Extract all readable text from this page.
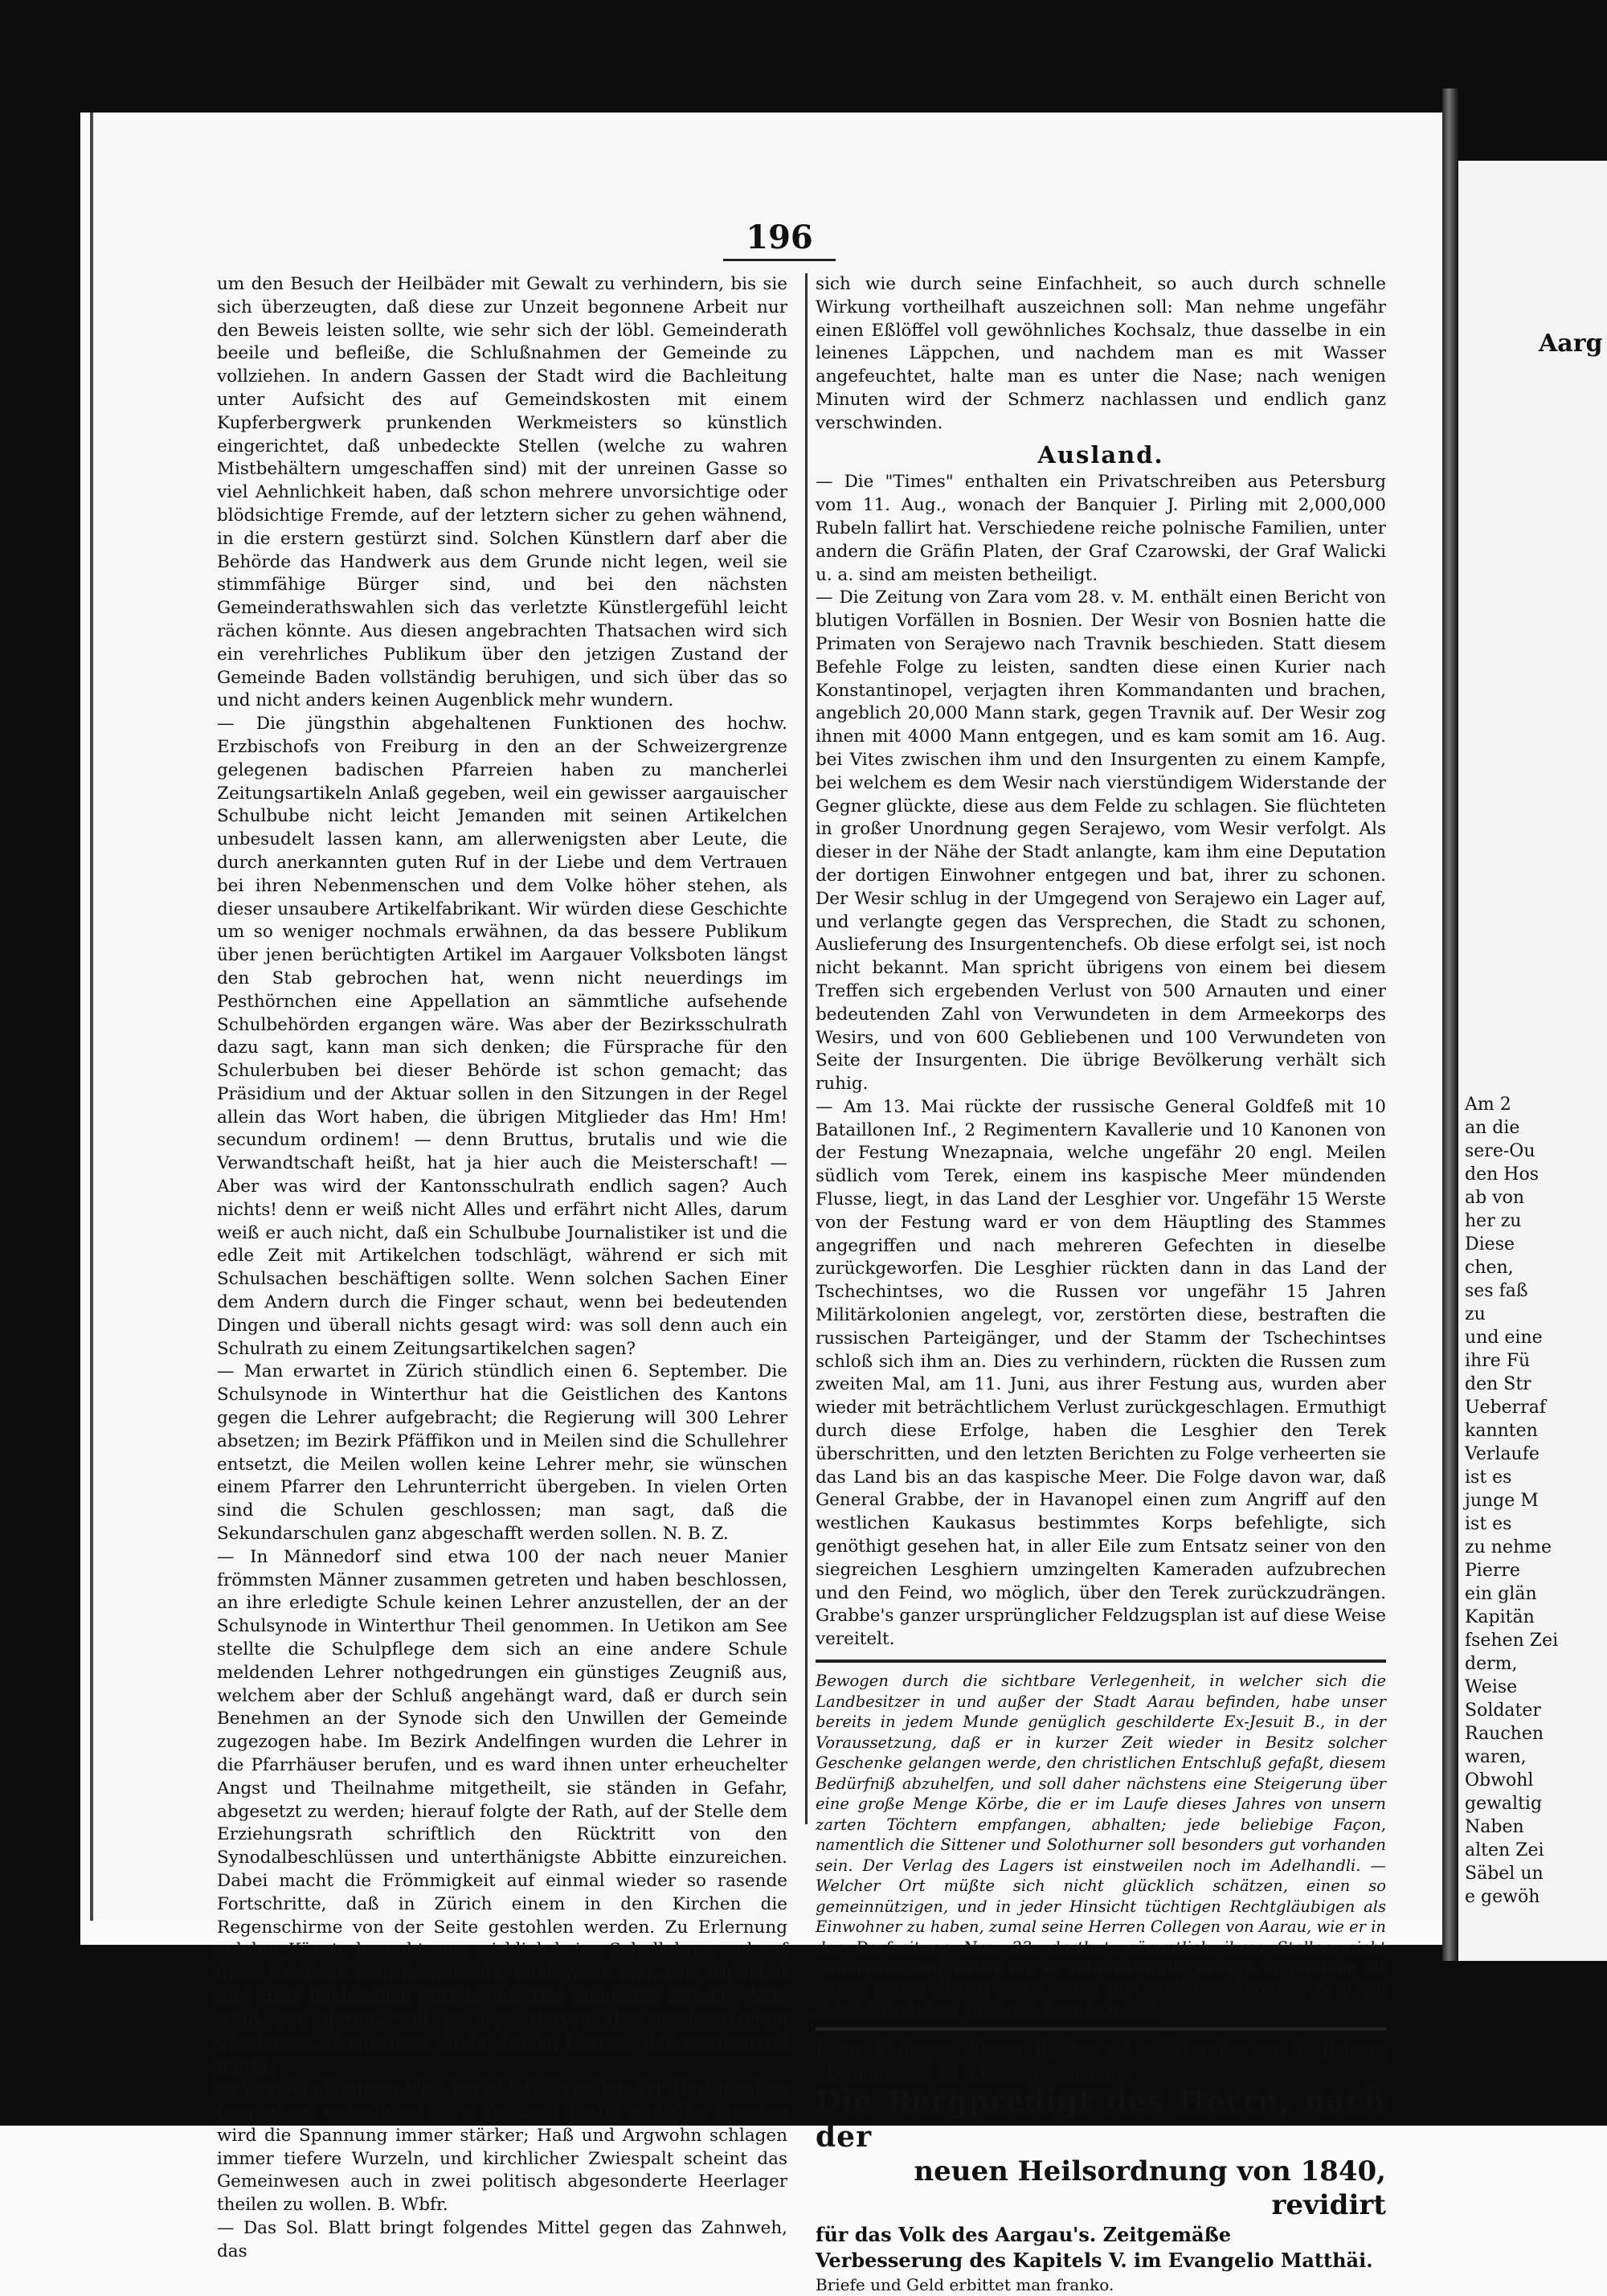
Aarg
Am 2
an die
sere-Ou
den Hos
ab von
her zu
Diese
chen,
ses faß
zu
und eine
ihre Fü
den Str
Ueberraf
kannten
Verlaufe
ist es
junge M
ist es
zu nehme
Pierre
ein glän
Kapitän
fsehen Zei
derm,
Weise
Soldater
Rauchen
waren,
Obwohl
gewaltig
Naben
alten Zei
Säbel un
e gewöh
196

um den Besuch der Heilbäder mit Gewalt zu verhindern, bis sie sich überzeugten, daß diese zur Unzeit begonnene Arbeit nur den Beweis leisten sollte, wie sehr sich der löbl. Gemeinderath beeile und befleiße, die Schlußnahmen der Gemeinde zu vollziehen. In andern Gassen der Stadt wird die Bachleitung unter Aufsicht des auf Gemeindskosten mit einem Kupferbergwerk prunkenden Werkmeisters so künstlich eingerichtet, daß unbedeckte Stellen (welche zu wahren Mistbehältern umgeschaffen sind) mit der unreinen Gasse so viel Aehnlichkeit haben, daß schon mehrere unvorsichtige oder blödsichtige Fremde, auf der letztern sicher zu gehen wähnend, in die erstern gestürzt sind. Solchen Künstlern darf aber die Behörde das Handwerk aus dem Grunde nicht legen, weil sie stimmfähige Bürger sind, und bei den nächsten Gemeinderathswahlen sich das verletzte Künstlergefühl leicht rächen könnte. Aus diesen angebrachten Thatsachen wird sich ein verehrliches Publikum über den jetzigen Zustand der Gemeinde Baden vollständig beruhigen, und sich über das so und nicht anders keinen Augenblick mehr wundern.

— Die jüngsthin abgehaltenen Funktionen des hochw. Erzbischofs von Freiburg in den an der Schweizergrenze gelegenen badischen Pfarreien haben zu mancherlei Zeitungsartikeln Anlaß gegeben, weil ein gewisser aargauischer Schulbube nicht leicht Jemanden mit seinen Artikelchen unbesudelt lassen kann, am allerwenigsten aber Leute, die durch anerkannten guten Ruf in der Liebe und dem Vertrauen bei ihren Nebenmenschen und dem Volke höher stehen, als dieser unsaubere Artikelfabrikant. Wir würden diese Geschichte um so weniger nochmals erwähnen, da das bessere Publikum über jenen berüchtigten Artikel im Aargauer Volksboten längst den Stab gebrochen hat, wenn nicht neuerdings im Pesthörnchen eine Appellation an sämmtliche aufsehende Schulbehörden ergangen wäre. Was aber der Bezirksschulrath dazu sagt, kann man sich denken; die Fürsprache für den Schulerbuben bei dieser Behörde ist schon gemacht; das Präsidium und der Aktuar sollen in den Sitzungen in der Regel allein das Wort haben, die übrigen Mitglieder das Hm! Hm! secundum ordinem! — denn Bruttus, brutalis und wie die Verwandtschaft heißt, hat ja hier auch die Meisterschaft! — Aber was wird der Kantonsschulrath endlich sagen? Auch nichts! denn er weiß nicht Alles und erfährt nicht Alles, darum weiß er auch nicht, daß ein Schulbube Journalistiker ist und die edle Zeit mit Artikelchen todschlägt, während er sich mit Schulsachen beschäftigen sollte. Wenn solchen Sachen Einer dem Andern durch die Finger schaut, wenn bei bedeutenden Dingen und überall nichts gesagt wird: was soll denn auch ein Schulrath zu einem Zeitungsartikelchen sagen?

— Man erwartet in Zürich stündlich einen 6. September. Die Schulsynode in Winterthur hat die Geistlichen des Kantons gegen die Lehrer aufgebracht; die Regierung will 300 Lehrer absetzen; im Bezirk Pfäffikon und in Meilen sind die Schullehrer entsetzt, die Meilen wollen keine Lehrer mehr, sie wünschen einem Pfarrer den Lehrunterricht übergeben. In vielen Orten sind die Schulen geschlossen; man sagt, daß die Sekundarschulen ganz abgeschafft werden sollen. N. B. Z.

— In Männedorf sind etwa 100 der nach neuer Manier frömmsten Männer zusammen getreten und haben beschlossen, an ihre erledigte Schule keinen Lehrer anzustellen, der an der Schulsynode in Winterthur Theil genommen. In Uetikon am See stellte die Schulpflege dem sich an eine andere Schule meldenden Lehrer nothgedrungen ein günstiges Zeugniß aus, welchem aber der Schluß angehängt ward, daß er durch sein Benehmen an der Synode sich den Unwillen der Gemeinde zugezogen habe. Im Bezirk Andelfingen wurden die Lehrer in die Pfarrhäuser berufen, und es ward ihnen unter erheuchelter Angst und Theilnahme mitgetheilt, sie ständen in Gefahr, abgesetzt zu werden; hierauf folgte der Rath, auf der Stelle dem Erziehungsrath schriftlich den Rücktritt von den Synodalbeschlüssen und unterthänigste Abbitte einzureichen. Dabei macht die Frömmigkeit auf einmal wieder so rasende Fortschritte, daß in Zürich einem in den Kirchen die Regenschirme von der Seite gestohlen werden. Zu Erlernung solcher Künste braucht man wirklich keine Schullehrer und auf diese Art kann man fromm sein, auch wenn man vom Alphabet nur zwei Buchstaben (JA) kennt. Das sieht das Zürcher Volk wohl ein, darum will es den Herren das Rechnenlernen überlassen, damit diese allein stehlen können, daß es niemand merkt.

— Von Schaffhausen wird berichtet: Zwischen der Hurter'schen (sogenannt vornehmen (?) o Jemine!) Partei und den Burgern wird die Spannung immer stärker; Haß und Argwohn schlagen immer tiefere Wurzeln, und kirchlicher Zwiespalt scheint das Gemeinwesen auch in zwei politisch abgesonderte Heerlager theilen zu wollen. B. Wbfr.

— Das Sol. Blatt bringt folgendes Mittel gegen das Zahnweh, das

sich wie durch seine Einfachheit, so auch durch schnelle Wirkung vortheilhaft auszeichnen soll: Man nehme ungefähr einen Eßlöffel voll gewöhnliches Kochsalz, thue dasselbe in ein leinenes Läppchen, und nachdem man es mit Wasser angefeuchtet, halte man es unter die Nase; nach wenigen Minuten wird der Schmerz nachlassen und endlich ganz verschwinden.

Ausland.

— Die "Times" enthalten ein Privatschreiben aus Petersburg vom 11. Aug., wonach der Banquier J. Pirling mit 2,000,000 Rubeln fallirt hat. Verschiedene reiche polnische Familien, unter andern die Gräfin Platen, der Graf Czarowski, der Graf Walicki u. a. sind am meisten betheiligt.

— Die Zeitung von Zara vom 28. v. M. enthält einen Bericht von blutigen Vorfällen in Bosnien. Der Wesir von Bosnien hatte die Primaten von Serajewo nach Travnik beschieden. Statt diesem Befehle Folge zu leisten, sandten diese einen Kurier nach Konstantinopel, verjagten ihren Kommandanten und brachen, angeblich 20,000 Mann stark, gegen Travnik auf. Der Wesir zog ihnen mit 4000 Mann entgegen, und es kam somit am 16. Aug. bei Vites zwischen ihm und den Insurgenten zu einem Kampfe, bei welchem es dem Wesir nach vierstündigem Widerstande der Gegner glückte, diese aus dem Felde zu schlagen. Sie flüchteten in großer Unordnung gegen Serajewo, vom Wesir verfolgt. Als dieser in der Nähe der Stadt anlangte, kam ihm eine Deputation der dortigen Einwohner entgegen und bat, ihrer zu schonen. Der Wesir schlug in der Umgegend von Serajewo ein Lager auf, und verlangte gegen das Versprechen, die Stadt zu schonen, Auslieferung des Insurgentenchefs. Ob diese erfolgt sei, ist noch nicht bekannt. Man spricht übrigens von einem bei diesem Treffen sich ergebenden Verlust von 500 Arnauten und einer bedeutenden Zahl von Verwundeten in dem Armeekorps des Wesirs, und von 600 Gebliebenen und 100 Verwundeten von Seite der Insurgenten. Die übrige Bevölkerung verhält sich ruhig.

— Am 13. Mai rückte der russische General Goldfeß mit 10 Bataillonen Inf., 2 Regimentern Kavallerie und 10 Kanonen von der Festung Wnezapnaia, welche ungefähr 20 engl. Meilen südlich vom Terek, einem ins kaspische Meer mündenden Flusse, liegt, in das Land der Lesghier vor. Ungefähr 15 Werste von der Festung ward er von dem Häuptling des Stammes angegriffen und nach mehreren Gefechten in dieselbe zurückgeworfen. Die Lesghier rückten dann in das Land der Tschechintses, wo die Russen vor ungefähr 15 Jahren Militärkolonien angelegt, vor, zerstörten diese, bestraften die russischen Parteigänger, und der Stamm der Tschechintses schloß sich ihm an. Dies zu verhindern, rückten die Russen zum zweiten Mal, am 11. Juni, aus ihrer Festung aus, wurden aber wieder mit beträchtlichem Verlust zurückgeschlagen. Ermuthigt durch diese Erfolge, haben die Lesghier den Terek überschritten, und den letzten Berichten zu Folge verheerten sie das Land bis an das kaspische Meer. Die Folge davon war, daß General Grabbe, der in Havanopel einen zum Angriff auf den westlichen Kaukasus bestimmtes Korps befehligte, sich genöthigt gesehen hat, in aller Eile zum Entsatz seiner von den siegreichen Lesghiern umzingelten Kameraden aufzubrechen und den Feind, wo möglich, über den Terek zurückzudrängen. Grabbe's ganzer ursprünglicher Feldzugsplan ist auf diese Weise vereitelt.

Bewogen durch die sichtbare Verlegenheit, in welcher sich die Landbesitzer in und außer der Stadt Aarau befinden, habe unser bereits in jedem Munde genüglich geschilderte Ex-Jesuit B., in der Voraussetzung, daß er in kurzer Zeit wieder in Besitz solcher Geschenke gelangen werde, den christlichen Entschluß gefaßt, diesem Bedürfniß abzuhelfen, und soll daher nächstens eine Steigerung über eine große Menge Körbe, die er im Laufe dieses Jahres von unsern zarten Töchtern empfangen, abhalten; jede beliebige Façon, namentlich die Sittener und Solothurner soll besonders gut vorhanden sein. Der Verlag des Lagers ist einstweilen noch im Adelhandli. — Welcher Ort müßte sich nicht glücklich schätzen, einen so gemeinnützigen, und in jeder Hinsicht tüchtigen Rechtgläubigen als Einwohner zu haben, zumal seine Herren Collegen von Aarau, wie er in der Dorfzeitung Nro. 23. darthut, sämmtlich ihres Stellen nicht gewachsen sind, indem nur er unter allen Regierungs-Angestellten als lumen mundi glänzt, wenn schon die unfähigen Aarauer, d. h. die Frauenzimmer, es nicht anerkennen wollen.

Beim Verleger dieses Blattes ist stückweise zu 1 Batzen, dutzendweise zu 8 Batzen zu haben:

Die Bergpredigt des Herrn, nach der

neuen Heilsordnung von 1840, revidirt

für das Volk des Aargau's. Zeitgemäße

Verbesserung des Kapitels V. im Evangelio Matthäi.

Briefe und Geld erbittet man franko.
